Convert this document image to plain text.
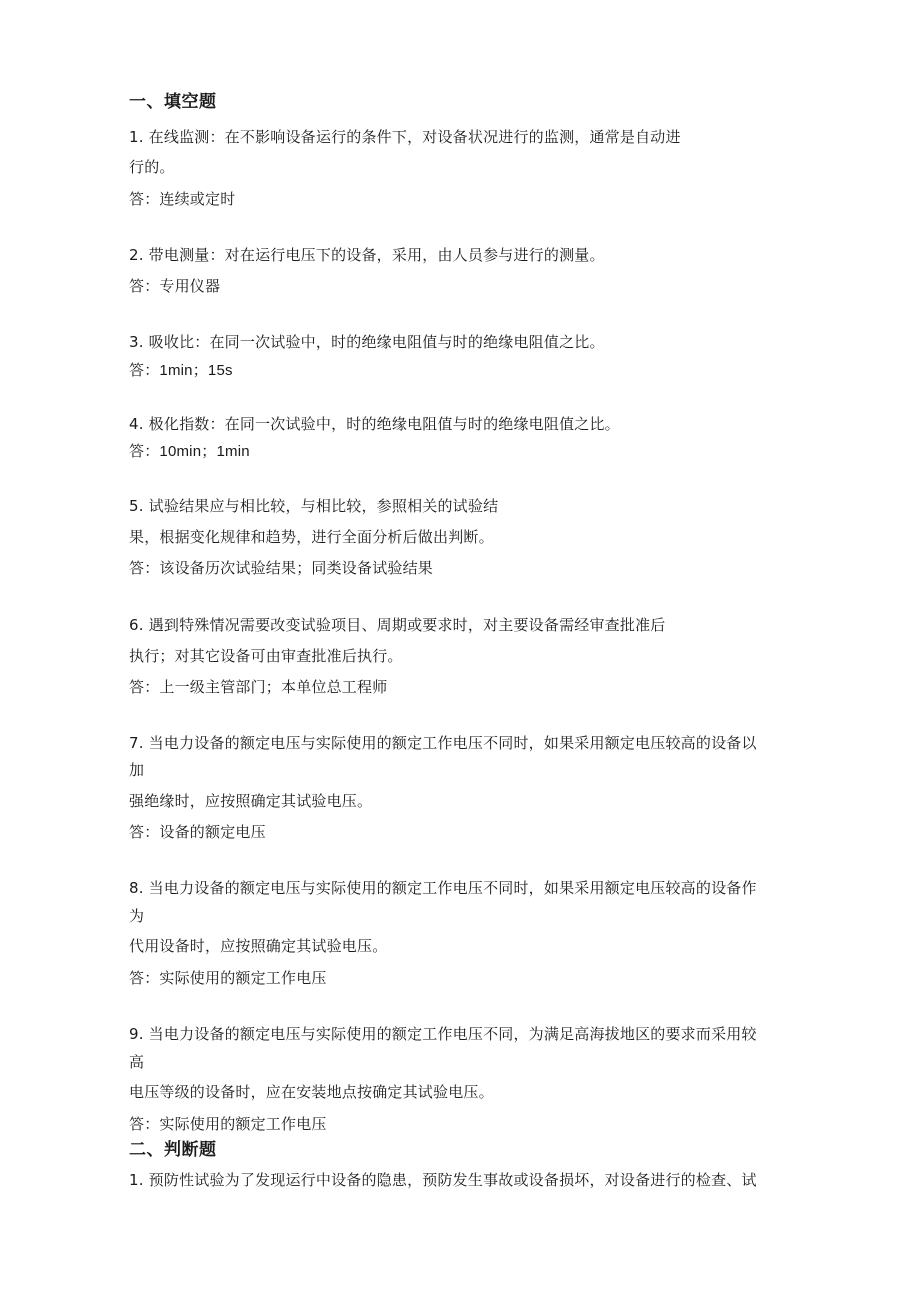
一、填空题
1. 在线监测：在不影响设备运行的条件下，对设备状况进行的监测，通常是自动进
行的。
答：连续或定时
2. 带电测量：对在运行电压下的设备，采用，由人员参与进行的测量。
答：专用仪器
3. 吸收比：在同一次试验中，时的绝缘电阻值与时的绝缘电阻值之比。
答：1min；15s
4. 极化指数：在同一次试验中，时的绝缘电阻值与时的绝缘电阻值之比。
答：10min；1min
5. 试验结果应与相比较，与相比较，参照相关的试验结
果，根据变化规律和趋势，进行全面分析后做出判断。
答：该设备历次试验结果；同类设备试验结果
6. 遇到特殊情况需要改变试验项目、周期或要求时，对主要设备需经审查批准后
执行；对其它设备可由审查批准后执行。
答：上一级主管部门；本单位总工程师
7. 当电力设备的额定电压与实际使用的额定工作电压不同时，如果采用额定电压较高的设备以
加
强绝缘时，应按照确定其试验电压。
答：设备的额定电压
8. 当电力设备的额定电压与实际使用的额定工作电压不同时，如果采用额定电压较高的设备作
为
代用设备时，应按照确定其试验电压。
答：实际使用的额定工作电压
9. 当电力设备的额定电压与实际使用的额定工作电压不同，为满足高海拔地区的要求而采用较
高
电压等级的设备时，应在安装地点按确定其试验电压。
答：实际使用的额定工作电压
二、判断题
1. 预防性试验为了发现运行中设备的隐患，预防发生事故或设备损坏，对设备进行的检查、试
